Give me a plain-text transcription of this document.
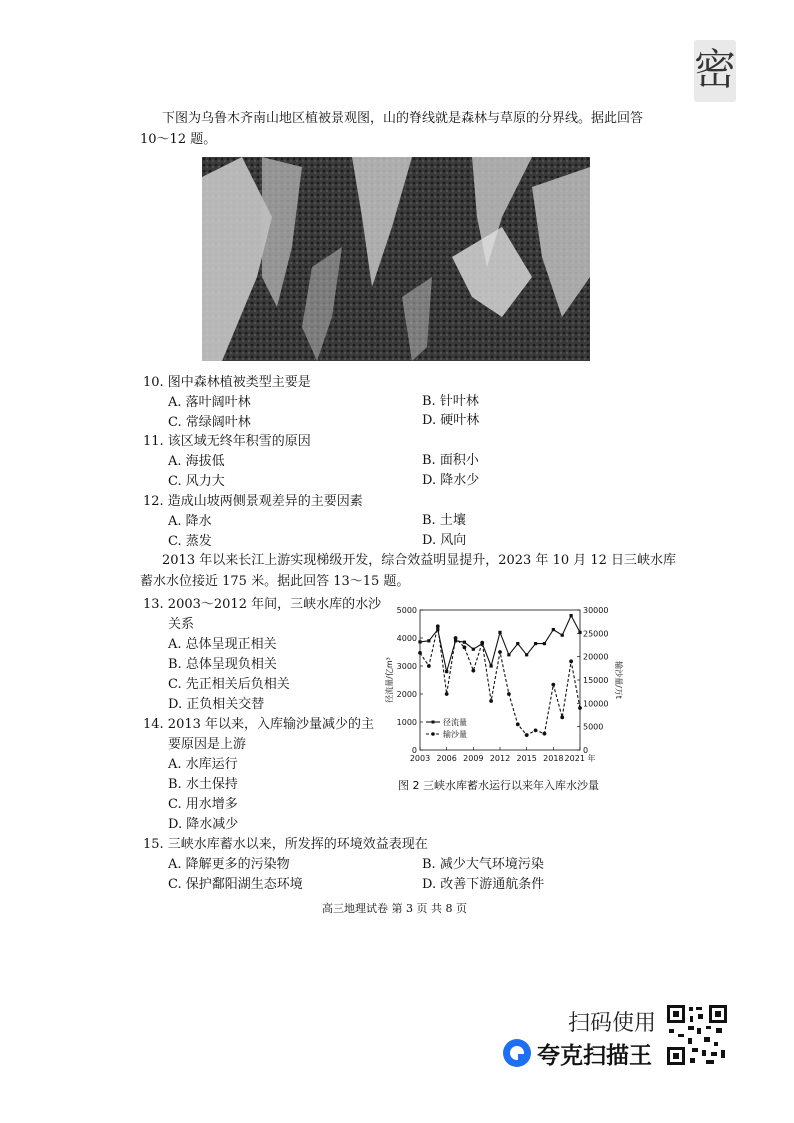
密
下图为乌鲁木齐南山地区植被景观图，山的脊线就是森林与草原的分界线。据此回答
10～12 题。
10. 图中森林植被类型主要是
A. 落叶阔叶林	B. 针叶林
C. 常绿阔叶林	D. 硬叶林
11. 该区域无终年积雪的原因
A. 海拔低	B. 面积小
C. 风力大	D. 降水少
12. 造成山坡两侧景观差异的主要因素
A. 降水	B. 土壤
C. 蒸发	D. 风向
2013 年以来长江上游实现梯级开发，综合效益明显提升，2023 年 10 月 12 日三峡水库
蓄水水位接近 175 米。据此回答 13～15 题。
13. 2003～2012 年间，三峡水库的水沙
关系
A. 总体呈现正相关
B. 总体呈现负相关
C. 先正相关后负相关
D. 正负相关交替
14. 2013 年以来，入库输沙量减少的主
要原因是上游
A. 水库运行
B. 水土保持
C. 用水增多
D. 降水减少
0
1000
2000
3000
4000
5000
0
5000
10000
15000
20000
25000
30000
2003 2006 2009 2012 2015 2018 2021 年
径流量/亿m³	输沙量/万t
径流量
输沙量
图 2 三峡水库蓄水运行以来年入库水沙量
15. 三峡水库蓄水以来，所发挥的环境效益表现在
A. 降解更多的污染物	B. 减少大气环境污染
C. 保护鄱阳湖生态环境	D. 改善下游通航条件
高三地理试卷 第 3 页 共 8 页
扫码使用
夸克扫描王
